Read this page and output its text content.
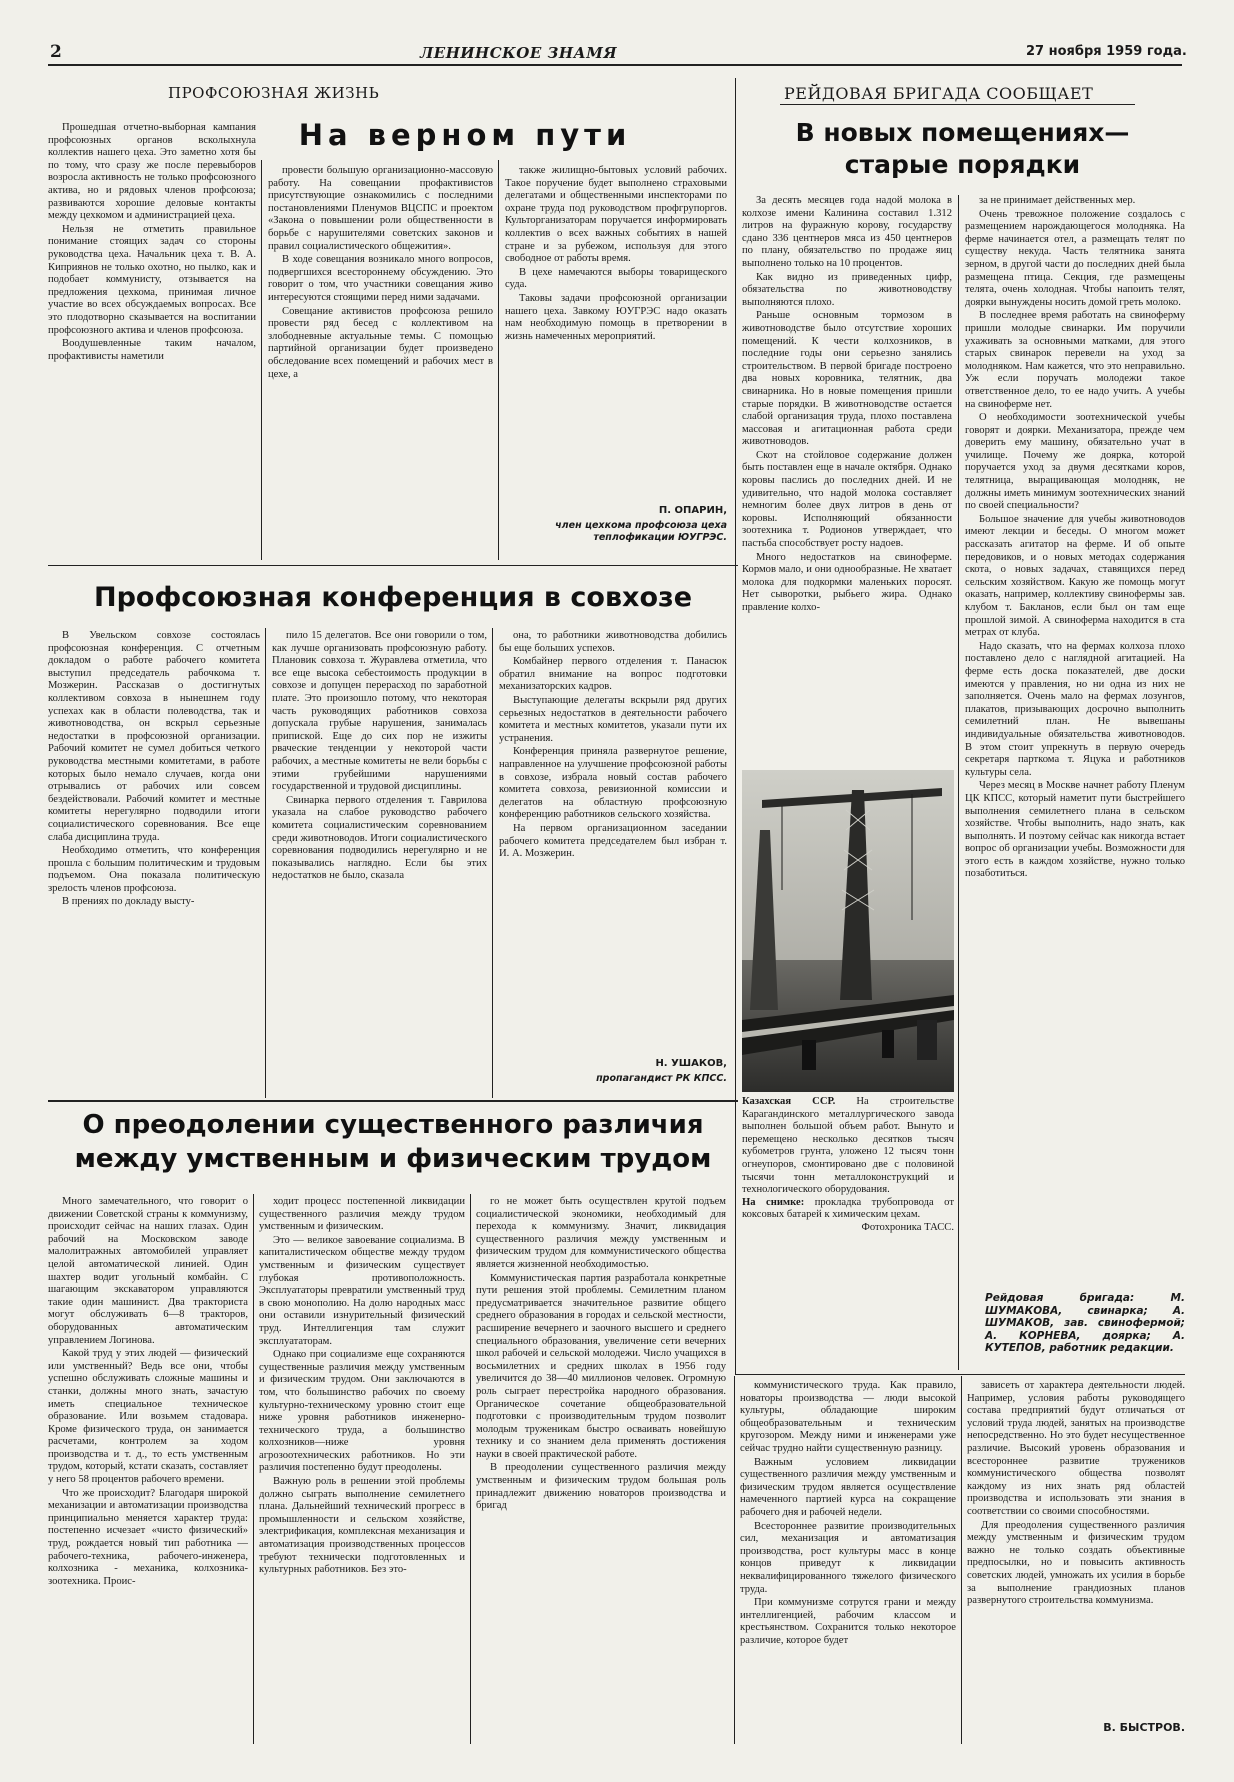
2	ЛЕНИНСКОЕ ЗНАМЯ	27 ноября 1959 года.
ПРОФСОЮЗНАЯ ЖИЗНЬ	РЕЙДОВАЯ БРИГАДА СООБЩАЕТ
На верном пути

Прошедшая отчетно-выборная кампания профсоюзных органов всколыхнула коллектив нашего цеха. Это заметно хотя бы по тому, что сразу же после перевыборов возросла активность не только профсоюзного актива, но и рядовых членов профсоюза; развиваются хорошие деловые контакты между цехкомом и администрацией цеха.

Нельзя не отметить правильное понимание стоящих задач со стороны руководства цеха. Начальник цеха т. В. А. Киприянов не только охотно, но пылко, как и подобает коммунисту, отзывается на предложения цехкома, принимая личное участие во всех обсуждаемых вопросах. Все это плодотворно сказывается на воспитании профсоюзного актива и членов профсоюза.

Воодушевленные таким началом, профактивисты наметили

провести большую организационно-массовую работу. На совещании профактивистов присутствующие ознакомились с последними постановлениями Пленумов ВЦСПС и проектом «Закона о повышении роли общественности в борьбе с нарушителями советских законов и правил социалистического общежития».

В ходе совещания возникало много вопросов, подвергшихся всестороннему обсуждению. Это говорит о том, что участники совещания живо интересуются стоящими перед ними задачами.

Совещание активистов профсоюза решило провести ряд бесед с коллективом на злободневные актуальные темы. С помощью партийной организации будет произведено обследование всех помещений и рабочих мест в цехе, а

также жилищно-бытовых условий рабочих. Такое поручение будет выполнено страховыми делегатами и общественными инспекторами по охране труда под руководством профгрупоргов. Культорганизаторам поручается информировать коллектив о всех важных событиях в нашей стране и за рубежом, используя для этого свободное от работы время.

В цехе намечаются выборы товарищеского суда.

Таковы задачи профсоюзной организации нашего цеха. Завкому ЮУГРЭС надо оказать нам необходимую помощь в претворении в жизнь намеченных мероприятий.

П. ОПАРИН,
член цехкома профсоюза цеха теплофикации ЮУГРЭС.
Профсоюзная конференция в совхозе

В Увельском совхозе состоялась профсоюзная конференция. С отчетным докладом о работе рабочего комитета выступил председатель рабочкома т. Мозжерин. Рассказав о достигнутых коллективом совхоза в нынешнем году успехах как в области полеводства, так и животноводства, он вскрыл серьезные недостатки в профсоюзной организации. Рабочий комитет не сумел добиться четкого руководства местными комитетами, в работе которых было немало случаев, когда они отрывались от рабочих или совсем бездействовали. Рабочий комитет и местные комитеты нерегулярно подводили итоги социалистического соревнования. Все еще слаба дисциплина труда.

Необходимо отметить, что конференция прошла с большим политическим и трудовым подъемом. Она показала политическую зрелость членов профсоюза.

В прениях по докладу высту-

пило 15 делегатов. Все они говорили о том, как лучше организовать профсоюзную работу. Плановик совхоза т. Журавлева отметила, что все еще высока себестоимость продукции в совхозе и допущен перерасход по заработной плате. Это произошло потому, что некоторая часть руководящих работников совхоза допускала грубые нарушения, занималась припиской. Еще до сих пор не изжиты рваческие тенденции у некоторой части рабочих, а местные комитеты не вели борьбы с этими грубейшими нарушениями государственной и трудовой дисциплины.

Свинарка первого отделения т. Гаврилова указала на слабое руководство рабочего комитета социалистическим соревнованием среди животноводов. Итоги социалистического соревнования подводились нерегулярно и не показывались наглядно. Если бы этих недостатков не было, сказала

она, то работники животноводства добились бы еще больших успехов.

Комбайнер первого отделения т. Панасюк обратил внимание на вопрос подготовки механизаторских кадров.

Выступающие делегаты вскрыли ряд других серьезных недостатков в деятельности рабочего комитета и местных комитетов, указали пути их устранения.

Конференция приняла развернутое решение, направленное на улучшение профсоюзной работы в совхозе, избрала новый состав рабочего комитета совхоза, ревизионной комиссии и делегатов на областную профсоюзную конференцию работников сельского хозяйства.

На первом организационном заседании рабочего комитета председателем был избран т. И. А. Мозжерин.

Н. УШАКОВ,
пропагандист РК КПСС.
О преодолении существенного различия
между умственным и физическим трудом

Много замечательного, что говорит о движении Советской страны к коммунизму, происходит сейчас на наших глазах. Один рабочий на Московском заводе малолитражных автомобилей управляет целой автоматической линией. Один шахтер водит угольный комбайн. С шагающим экскаватором управляются такие один машинист. Два тракториста могут обслуживать 6—8 тракторов, оборудованных автоматическим управлением Логинова.

Какой труд у этих людей — физический или умственный? Ведь все они, чтобы успешно обслуживать сложные машины и станки, должны много знать, зачастую иметь специальное техническое образование. Или возьмем стадовара. Кроме физического труда, он занимается расчетами, контролем за ходом производства и т. д., то есть умственным трудом, который, кстати сказать, составляет у него 58 процентов рабочего времени.

Что же происходит? Благодаря широкой механизации и автоматизации производства принципиально меняется характер труда: постепенно исчезает «чисто физический» труд, рождается новый тип работника — рабочего-техника, рабочего-инженера, колхозника - механика, колхозника-зоотехника. Проис-

ходит процесс постепенной ликвидации существенного различия между трудом умственным и физическим.

Это — великое завоевание социализма. В капиталистическом обществе между трудом умственным и физическим существует глубокая противоположность. Эксплуататоры превратили умственный труд в свою монополию. На долю народных масс они оставили изнурительный физический труд. Интеллигенция там служит эксплуататорам.

Однако при социализме еще сохраняются существенные различия между умственным и физическим трудом. Они заключаются в том, что большинство рабочих по своему культурно-техническому уровню стоит еще ниже уровня работников инженерно-технического труда, а большинство колхозников—ниже уровня агрозоотехнических работников. Но эти различия постепенно будут преодолены.

Важную роль в решении этой проблемы должно сыграть выполнение семилетнего плана. Дальнейший технический прогресс в промышленности и сельском хозяйстве, электрификация, комплексная механизация и автоматизация производственных процессов требуют технически подготовленных и культурных работников. Без это-

го не может быть осуществлен крутой подъем социалистической экономики, необходимый для перехода к коммунизму. Значит, ликвидация существенного различия между умственным и физическим трудом для коммунистического общества является жизненной необходимостью.

Коммунистическая партия разработала конкретные пути решения этой проблемы. Семилетним планом предусматривается значительное развитие общего среднего образования в городах и сельской местности, расширение вечернего и заочного высшего и среднего специального образования, увеличение сети вечерних школ рабочей и сельской молодежи. Число учащихся в восьмилетних и средних школах в 1956 году увеличится до 38—40 миллионов человек. Огромную роль сыграет перестройка народного образования. Органическое сочетание общеобразовательной подготовки с производительным трудом позволит молодым труженикам быстро осваивать новейшую технику и со знанием дела применять достижения науки в своей практической работе.

В преодолении существенного различия между умственным и физическим трудом большая роль принадлежит движению новаторов производства и бригад

коммунистического труда. Как правило, новаторы производства — люди высокой культуры, обладающие широким общеобразовательным и техническим кругозором. Между ними и инженерами уже сейчас трудно найти существенную разницу.

Важным условием ликвидации существенного различия между умственным и физическим трудом является осуществление намеченного партией курса на сокращение рабочего дня и рабочей недели.

Всестороннее развитие производительных сил, механизация и автоматизация производства, рост культуры масс в конце концов приведут к ликвидации неквалифицированного тяжелого физического труда.

При коммунизме сотрутся грани и между интеллигенцией, рабочим классом и крестьянством. Сохранится только некоторое различие, которое будет

зависеть от характера деятельности людей. Например, условия работы руководящего состава предприятий будут отличаться от условий труда людей, занятых на производстве непосредственно. Но это будет несущественное различие. Высокий уровень образования и всестороннее развитие тружеников коммунистического общества позволят каждому из них знать ряд областей производства и использовать эти знания в соответствии со своими способностями.

Для преодоления существенного различия между умственным и физическим трудом важно не только создать объективные предпосылки, но и повысить активность советских людей, умножать их усилия в борьбе за выполнение грандиозных планов развернутого строительства коммунизма.

В. БЫСТРОВ.
В новых помещениях—
старые порядки

За десять месяцев года надой молока в колхозе имени Калинина составил 1.312 литров на фуражную корову, государству сдано 336 центнеров мяса из 450 центнеров по плану, обязательство по продаже яиц выполнено только на 10 процентов.

Как видно из приведенных цифр, обязательства по животноводству выполняются плохо.

Раньше основным тормозом в животноводстве было отсутствие хороших помещений. К чести колхозников, в последние годы они серьезно занялись строительством. В первой бригаде построено два новых коровника, телятник, два свинарника. Но в новые помещения пришли старые порядки. В животноводстве остается слабой организация труда, плохо поставлена массовая и агитационная работа среди животноводов.

Скот на стойловое содержание должен быть поставлен еще в начале октября. Однако коровы паслись до последних дней. И не удивительно, что надой молока составляет немногим более двух литров в день от коровы. Исполняющий обязанности зоотехника т. Родионов утверждает, что пастьба способствует росту надоев.

Много недостатков на свиноферме. Кормов мало, и они однообразные. Не хватает молока для подкормки маленьких поросят. Нет сыворотки, рыбьего жира. Однако правление колхо-

за не принимает действенных мер.

Очень тревожное положение создалось с размещением нарождающегося молодняка. На ферме начинается отел, а размещать телят по существу некуда. Часть телятника занята зерном, в другой части до последних дней была размещена птица. Секция, где размещены телята, очень холодная. Чтобы напоить телят, доярки вынуждены носить домой греть молоко.

В последнее время работать на свиноферму пришли молодые свинарки. Им поручили ухаживать за основными матками, для этого старых свинарок перевели на уход за молодняком. Нам кажется, что это неправильно. Уж если поручать молодежи такое ответственное дело, то ее надо учить. А учебы на свиноферме нет.

О необходимости зоотехнической учебы говорят и доярки. Механизатора, прежде чем доверить ему машину, обязательно учат в училище. Почему же доярка, которой поручается уход за двумя десятками коров, телятница, выращивающая молодняк, не должны иметь минимум зоотехнических знаний по своей специальности?

Большое значение для учебы животноводов имеют лекции и беседы. О многом может рассказать агитатор на ферме. И об опыте передовиков, и о новых методах содержания скота, о новых задачах, ставящихся перед сельским хозяйством. Какую же помощь могут оказать, например, коллективу свинофермы зав. клубом т. Бакланов, если был он там еще прошлой зимой. А свиноферма находится в ста метрах от клуба.

Надо сказать, что на фермах колхоза плохо поставлено дело с наглядной агитацией. На ферме есть доска показателей, две доски имеются у правления, но ни одна из них не заполняется. Очень мало на фермах лозунгов, плакатов, призывающих досрочно выполнить семилетний план. Не вывешаны индивидуальные обязательства животноводов. В этом стоит упрекнуть в первую очередь секретаря парткома т. Яцука и работников культуры села.

Через месяц в Москве начнет работу Пленум ЦК КПСС, который наметит пути быстрейшего выполнения семилетнего плана в сельском хозяйстве. Чтобы выполнить, надо знать, как выполнять. И поэтому сейчас как никогда встает вопрос об организации учебы. Возможности для этого есть в каждом хозяйстве, нужно только позаботиться.

Рейдовая бригада: М. ШУМАКОВА, свинарка; А. ШУМАКОВ, зав. свинофермой; А. КОРНЕВА, доярка; А. КУТЕПОВ, работник редакции.
Казахская ССР. На строительстве Карагандинского металлургического завода выполнен большой объем работ. Вынуто и перемещено несколько десятков тысяч кубометров грунта, уложено 12 тысяч тонн огнеупоров, смонтировано две с половиной тысячи тонн металлоконструкций и технологического оборудования.
На снимке: прокладка трубопровода от коксовых батарей к химическим цехам.
Фотохроника ТАСС.
